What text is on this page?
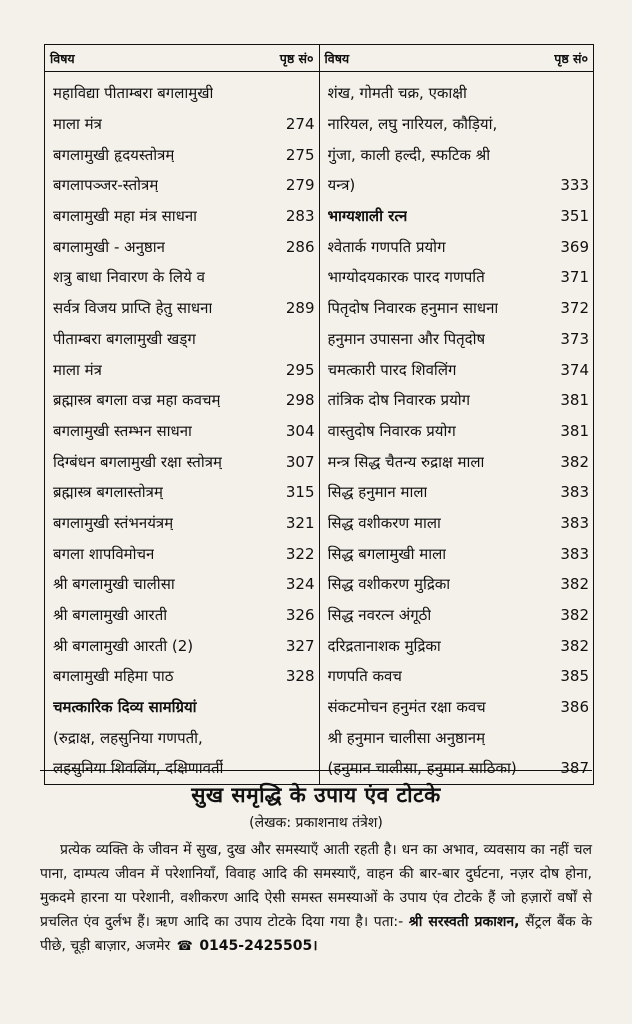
विषय	पृष्ठ सं०
महाविद्या पीताम्बरा बगलामुखी
माला मंत्र	274
बगलामुखी हृदयस्तोत्रम्	275
बगलापञ्जर-स्तोत्रम्	279
बगलामुखी महा मंत्र साधना	283
बगलामुखी - अनुष्ठान	286
शत्रु बाधा निवारण के लिये व
सर्वत्र विजय प्राप्ति हेतु साधना	289
पीताम्बरा बगलामुखी खड्ग
माला मंत्र	295
ब्रह्मास्त्र बगला वज्र महा कवचम्	298
बगलामुखी स्तम्भन साधना	304
दिग्बंधन बगलामुखी रक्षा स्तोत्रम्	307
ब्रह्मास्त्र बगलास्तोत्रम्	315
बगलामुखी स्तंभनयंत्रम्	321
बगला शापविमोचन	322
श्री बगलामुखी चालीसा	324
श्री बगलामुखी आरती	326
श्री बगलामुखी आरती (2)	327
बगलामुखी महिमा पाठ	328
चमत्कारिक दिव्य सामग्रियां
(रुद्राक्ष, लहसुनिया गणपती,
लहसुनिया शिवलिंग, दक्षिणावर्ती
विषय	पृष्ठ सं०
शंख, गोमती चक्र, एकाक्षी
नारियल, लघु नारियल, कौड़ियां,
गुंजा, काली हल्दी, स्फटिक श्री
यन्त्र)	333
भाग्यशाली रत्न	351
श्वेतार्क गणपति प्रयोग	369
भाग्योदयकारक पारद गणपति	371
पितृदोष निवारक हनुमान साधना	372
हनुमान उपासना और पितृदोष	373
चमत्कारी पारद शिवलिंग	374
तांत्रिक दोष निवारक प्रयोग	381
वास्तुदोष निवारक प्रयोग	381
मन्त्र सिद्ध चैतन्य रुद्राक्ष माला	382
सिद्ध हनुमान माला	383
सिद्ध वशीकरण माला	383
सिद्ध बगलामुखी माला	383
सिद्ध वशीकरण मुद्रिका	382
सिद्ध नवरत्न अंगूठी	382
दरिद्रतानाशक मुद्रिका	382
गणपति कवच	385
संकटमोचन हनुमंत रक्षा कवच	386
श्री हनुमान चालीसा अनुष्ठानम्
(हनुमान चालीसा, हनुमान साठिका)	387
सुख समृद्धि के उपाय एंव टोटके
(लेखक: प्रकाशनाथ तंत्रेश)
प्रत्येक व्यक्ति के जीवन में सुख, दुख और समस्याएँ आती रहती है। धन का अभाव, व्यवसाय का नहीं चल पाना, दाम्पत्य जीवन में परेशानियाँ, विवाह आदि की समस्याएँ, वाहन की बार-बार दुर्घटना, नज़र दोष होना, मुकदमे हारना या परेशानी, वशीकरण आदि ऐसी समस्त समस्याओं के उपाय एंव टोटके हैं जो हज़ारों वर्षों से प्रचलित एंव दुर्लभ हैं। ऋण आदि का उपाय टोटके दिया गया है। पता:- श्री सरस्वती प्रकाशन, सैंट्रल बैंक के पीछे, चूड़ी बाज़ार, अजमेर ☎ 0145-2425505।
